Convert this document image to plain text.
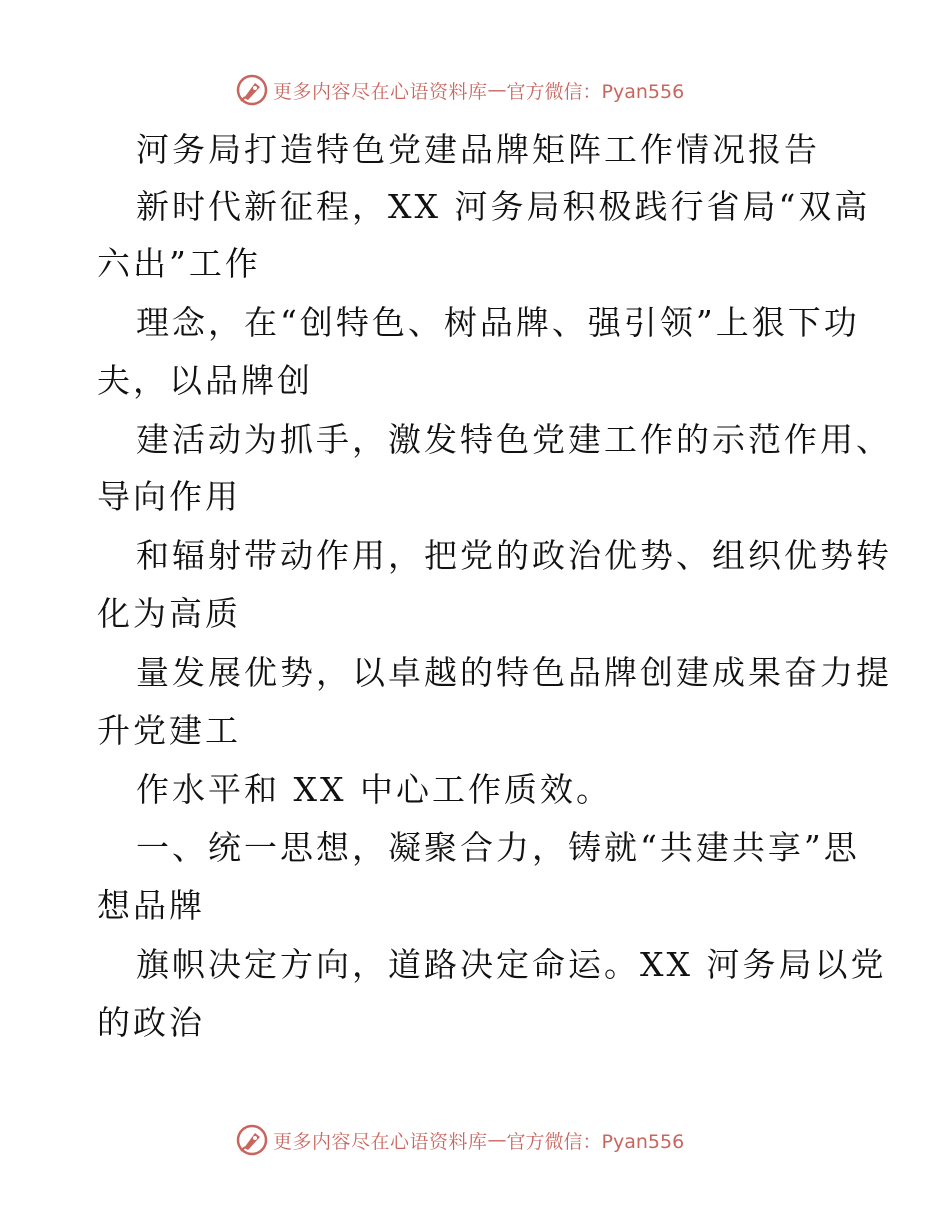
更多内容尽在心语资料库 — 官方微信：Pyan556
河务局打造特色党建品牌矩阵工作情况报告
新时代新征程，XX 河务局积极践行省局“双高
六出”工作
理念，在“创特色、树品牌、强引领”上狠下功
夫，以品牌创
建活动为抓手，激发特色党建工作的示范作用、
导向作用
和辐射带动作用，把党的政治优势、组织优势转
化为高质
量发展优势，以卓越的特色品牌创建成果奋力提
升党建工
作水平和 XX 中心工作质效。
一、统一思想，凝聚合力，铸就“共建共享”思
想品牌
旗帜决定方向，道路决定命运。XX 河务局以党
的政治
更多内容尽在心语资料库 — 官方微信：Pyan556
